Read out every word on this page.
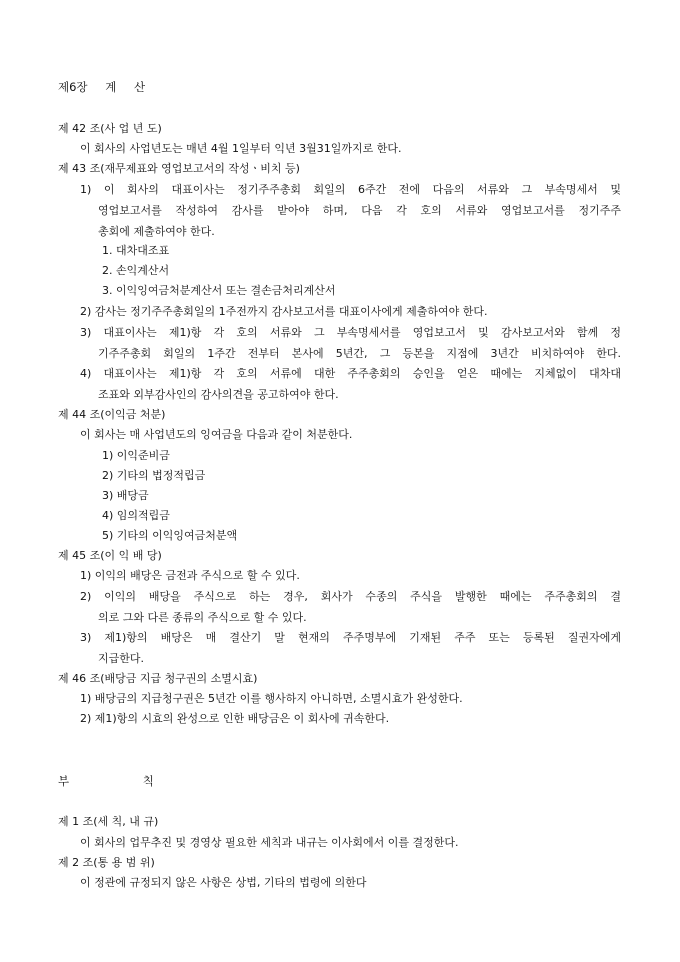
제6장 계 산
제 42 조(사 업 년 도)
이 회사의 사업년도는 매년 4월 1일부터 익년 3월31일까지로 한다.
제 43 조(재무제표와 영업보고서의 작성ㆍ비치 등)
1) 이 회사의 대표이사는 정기주주총회 회일의 6주간 전에 다음의 서류와 그 부속명세서 및
영업보고서를 작성하여 감사를 받아야 하며, 다음 각 호의 서류와 영업보고서를 정기주주
총회에 제출하여야 한다.
1. 대차대조표
2. 손익계산서
3. 이익잉여금처분계산서 또는 결손금처리계산서
2) 감사는 정기주주총회일의 1주전까지 감사보고서를 대표이사에게 제출하여야 한다.
3) 대표이사는 제1)항 각 호의 서류와 그 부속명세서를 영업보고서 및 감사보고서와 함께 정
기주주총회 회일의 1주간 전부터 본사에 5년간, 그 등본을 지점에 3년간 비치하여야 한다.
4) 대표이사는 제1)항 각 호의 서류에 대한 주주총회의 승인을 얻은 때에는 지체없이 대차대
조표와 외부감사인의 감사의견을 공고하여야 한다.
제 44 조(이익금 처분)
이 회사는 매 사업년도의 잉여금을 다음과 같이 처분한다.
1) 이익준비금
2) 기타의 법정적립금
3) 배당금
4) 임의적립금
5) 기타의 이익잉여금처분액
제 45 조(이 익 배 당)
1) 이익의 배당은 금전과 주식으로 할 수 있다.
2) 이익의 배당을 주식으로 하는 경우, 회사가 수종의 주식을 발행한 때에는 주주총회의 결
의로 그와 다른 종류의 주식으로 할 수 있다.
3) 제1)항의 배당은 매 결산기 말 현재의 주주명부에 기재된 주주 또는 등록된 질권자에게
지급한다.
제 46 조(배당금 지급 청구권의 소멸시효)
1) 배당금의 지급청구권은 5년간 이를 행사하지 아니하면, 소멸시효가 완성한다.
2) 제1)항의 시효의 완성으로 인한 배당금은 이 회사에 귀속한다.
부 칙
제 1 조(세 칙, 내 규)
이 회사의 업무추진 및 경영상 필요한 세칙과 내규는 이사회에서 이를 결정한다.
제 2 조(통 용 범 위)
이 정관에 규정되지 않은 사항은 상법, 기타의 법령에 의한다
